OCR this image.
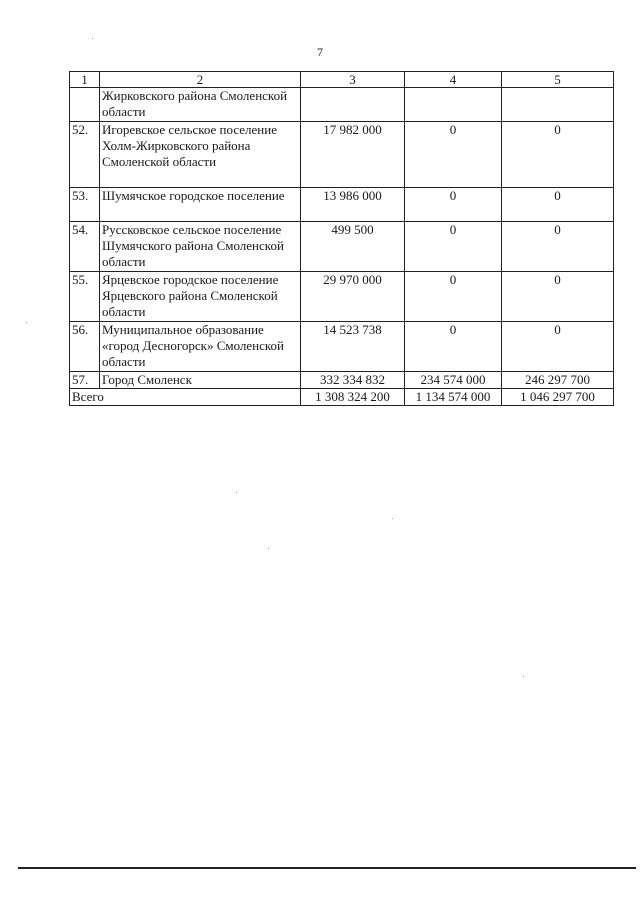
7
1	2	3	4	5
	Жирковского района Смоленской области			
52.	Игоревское сельское поселение Холм-Жирковского района Смоленской области	17 982 000	0	0
53.	Шумячское городское поселение	13 986 000	0	0
54.	Руссковское сельское поселение Шумячского района Смоленской области	499 500	0	0
55.	Ярцевское городское поселение Ярцевского района Смоленской области	29 970 000	0	0
56.	Муниципальное образование «город Десногорск» Смоленской области	14 523 738	0	0
57.	Город Смоленск	332 334 832	234 574 000	246 297 700
Всего		1 308 324 200	1 134 574 000	1 046 297 700
